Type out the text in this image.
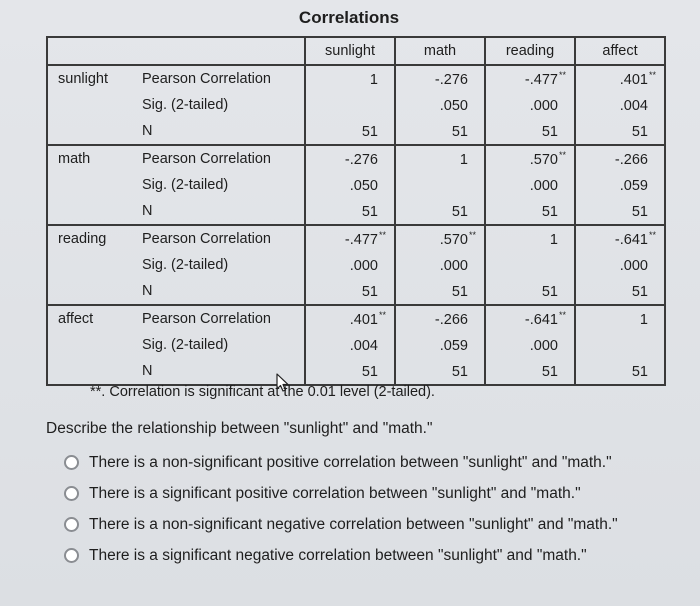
Correlations
		sunlight	math	reading	affect
sunlight	Pearson Correlation	1	-.276	-.477**	.401**
	Sig. (2-tailed)		.050	.000	.004
	N	51	51	51	51
math	Pearson Correlation	-.276	1	.570**	-.266
	Sig. (2-tailed)	.050		.000	.059
	N	51	51	51	51
reading	Pearson Correlation	-.477**	.570**	1	-.641**
	Sig. (2-tailed)	.000	.000		.000
	N	51	51	51	51
affect	Pearson Correlation	.401**	-.266	-.641**	1
	Sig. (2-tailed)	.004	.059	.000	
	N	51	51	51	51
**. Correlation is significant at the 0.01 level (2-tailed).
Describe the relationship between "sunlight" and "math."
There is a non-significant positive correlation between "sunlight" and "math."
There is a significant positive correlation between "sunlight" and "math."
There is a non-significant negative correlation between "sunlight" and "math."
There is a significant negative correlation between "sunlight" and "math."
